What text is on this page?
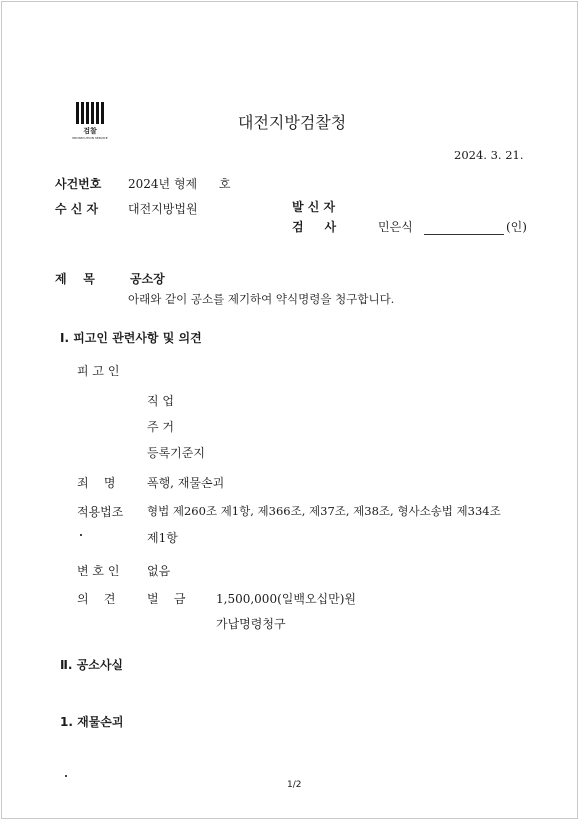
검찰
PROSECUTION SERVICE
대전지방검찰청
2024. 3. 21.
사건번호 2024년 형제 호
수 신 자 대전지방법원	발 신 자
검     사	민은식	(인)
제    목	공소장
아래와 같이 공소를 제기하여 약식명령을 청구합니다.
Ⅰ. 피고인 관련사항 및 의견
피 고 인
직 업
주 거
등록기준지
죄    명	폭행, 재물손괴
적용법조 형법 제260조 제1항, 제366조, 제37조, 제38조, 형사소송법 제334조
제1항
변 호 인 없음
의    견	벌    금	1,500,000(일백오십만)원
가납명령청구
Ⅱ. 공소사실
1. 재물손괴
1/2
